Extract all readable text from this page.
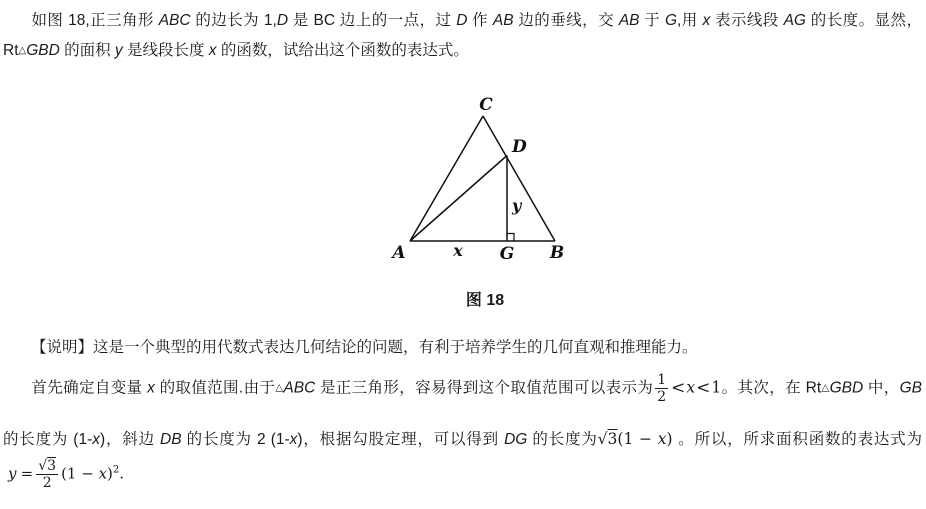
如图 18,正三角形 ABC 的边长为 1,D 是 BC 边上的一点，过 D 作 AB 边的垂线，交 AB 于 G,用 x 表示线段 AG 的长度。显然，
Rt△GBD 的面积 y 是线段长度 x 的函数，试给出这个函数的表达式。
C
D
A	G B
x
y
图 18
【说明】这是一个典型的用代数式表达几何结论的问题，有利于培养学生的几何直观和推理能力。
首先确定自变量 x 的取值范围.由于△ABC 是正三角形，容易得到这个取值范围可以表示为 $\frac{1}{2} <x<1$。其次，在 Rt△GBD 中，GB
的长度为 (1-x)，斜边 DB 的长度为 2 (1-x)，根据勾股定理，可以得到 DG 的长度为√3(1 − x) 。所以，所求面积函数的表达式为
$y = \frac{√3}{2} (1 - x)^2$.
